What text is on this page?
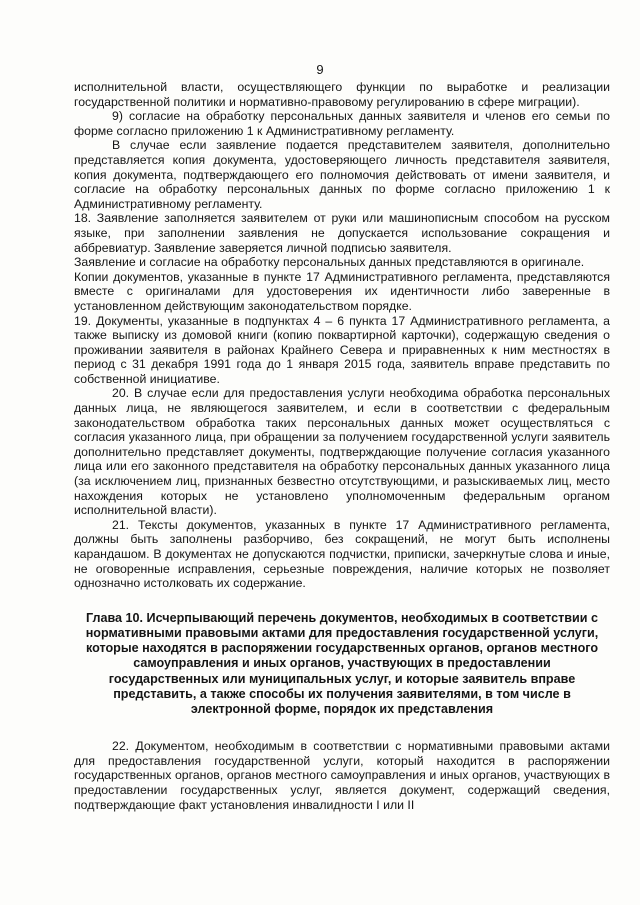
9

исполнительной власти, осуществляющего функции по выработке и реализации государственной политики и нормативно-правовому регулированию в сфере миграции).

9) согласие на обработку персональных данных заявителя и членов его семьи по форме согласно приложению 1 к Административному регламенту.

В случае если заявление подается представителем заявителя, дополнительно представляется копия документа, удостоверяющего личность представителя заявителя, копия документа, подтверждающего его полномочия действовать от имени заявителя, и согласие на обработку персональных данных по форме согласно приложению 1 к Административному регламенту.

18. Заявление заполняется заявителем от руки или машинописным способом на русском языке, при заполнении заявления не допускается использование сокращения и аббревиатур. Заявление заверяется личной подписью заявителя.

Заявление и согласие на обработку персональных данных представляются в оригинале.

Копии документов, указанные в пункте 17 Административного регламента, представляются вместе с оригиналами для удостоверения их идентичности либо заверенные в установленном действующим законодательством порядке.

19. Документы, указанные в подпунктах 4 – 6 пункта 17 Административного регламента, а также выписку из домовой книги (копию поквартирной карточки), содержащую сведения о проживании заявителя в районах Крайнего Севера и приравненных к ним местностях в период с 31 декабря 1991 года до 1 января 2015 года, заявитель вправе представить по собственной инициативе.

20. В случае если для предоставления услуги необходима обработка персональных данных лица, не являющегося заявителем, и если в соответствии с федеральным законодательством обработка таких персональных данных может осуществляться с согласия указанного лица, при обращении за получением государственной услуги заявитель дополнительно представляет документы, подтверждающие получение согласия указанного лица или его законного представителя на обработку персональных данных указанного лица (за исключением лиц, признанных безвестно отсутствующими, и разыскиваемых лиц, место нахождения которых не установлено уполномоченным федеральным органом исполнительной власти).

21. Тексты документов, указанных в пункте 17 Административного регламента, должны быть заполнены разборчиво, без сокращений, не могут быть исполнены карандашом. В документах не допускаются подчистки, приписки, зачеркнутые слова и иные, не оговоренные исправления, серьезные повреждения, наличие которых не позволяет однозначно истолковать их содержание.

Глава 10. Исчерпывающий перечень документов, необходимых в соответствии с
нормативными правовыми актами для предоставления государственной услуги,
которые находятся в распоряжении государственных органов, органов местного
самоуправления и иных органов, участвующих в предоставлении
государственных или муниципальных услуг, и которые заявитель вправе
представить, а также способы их получения заявителями, в том числе в
электронной форме, порядок их представления

22. Документом, необходимым в соответствии с нормативными правовыми актами для предоставления государственной услуги, который находится в распоряжении государственных органов, органов местного самоуправления и иных органов, участвующих в предоставлении государственных услуг, является документ, содержащий сведения, подтверждающие факт установления инвалидности I или II
